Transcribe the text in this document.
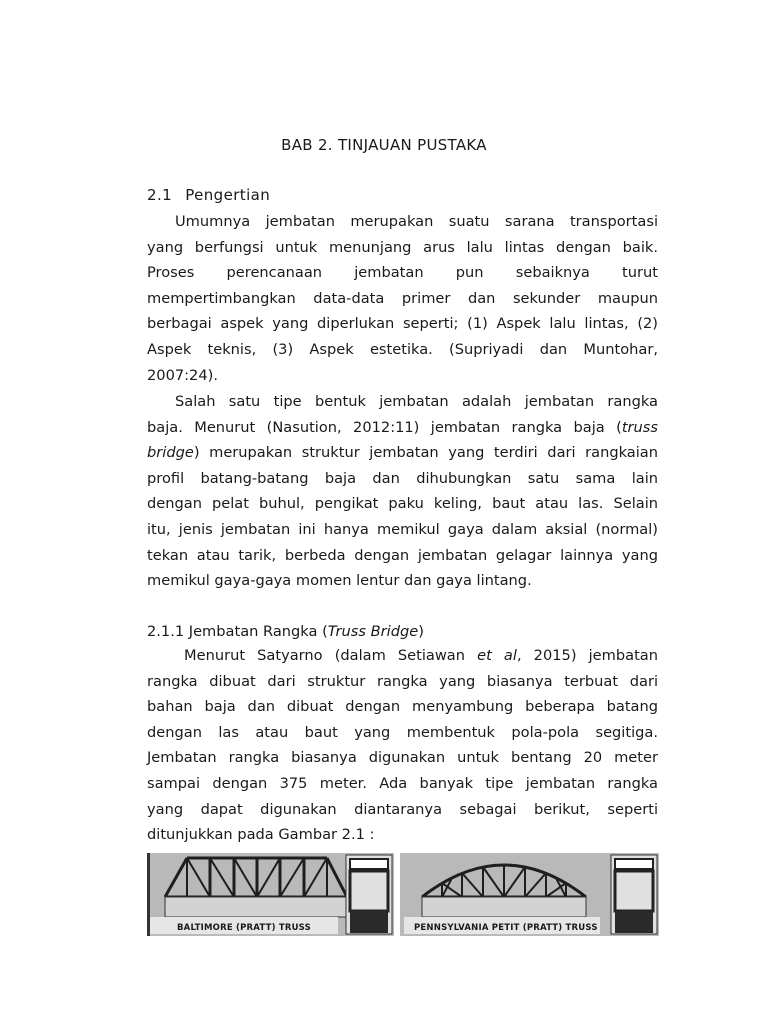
BAB 2. TINJAUAN PUSTAKA
2.1 Pengertian
Umumnya jembatan merupakan suatu sarana transportasi
yang berfungsi untuk menunjang arus lalu lintas dengan baik.
Proses perencanaan jembatan pun sebaiknya turut
mempertimbangkan data-data primer dan sekunder maupun
berbagai aspek yang diperlukan seperti; (1) Aspek lalu lintas, (2)
Aspek teknis, (3) Aspek estetika. (Supriyadi dan Muntohar,
2007:24).
Salah satu tipe bentuk jembatan adalah jembatan rangka
baja. Menurut (Nasution, 2012:11) jembatan rangka baja (truss
bridge) merupakan struktur jembatan yang terdiri dari rangkaian
profil batang-batang baja dan dihubungkan satu sama lain
dengan pelat buhul, pengikat paku keling, baut atau las. Selain
itu, jenis jembatan ini hanya memikul gaya dalam aksial (normal)
tekan atau tarik, berbeda dengan jembatan gelagar lainnya yang
memikul gaya-gaya momen lentur dan gaya lintang.
2.1.1 Jembatan Rangka (Truss Bridge)
Menurut Satyarno (dalam Setiawan et al, 2015) jembatan
rangka dibuat dari struktur rangka yang biasanya terbuat dari
bahan baja dan dibuat dengan menyambung beberapa batang
dengan las atau baut yang membentuk pola-pola segitiga.
Jembatan rangka biasanya digunakan untuk bentang 20 meter
sampai dengan 375 meter. Ada banyak tipe jembatan rangka
yang dapat digunakan diantaranya sebagai berikut, seperti
ditunjukkan pada Gambar 2.1 :
BALTIMORE (PRATT) TRUSS	PENNSYLVANIA PETIT (PRATT) TRUSS
